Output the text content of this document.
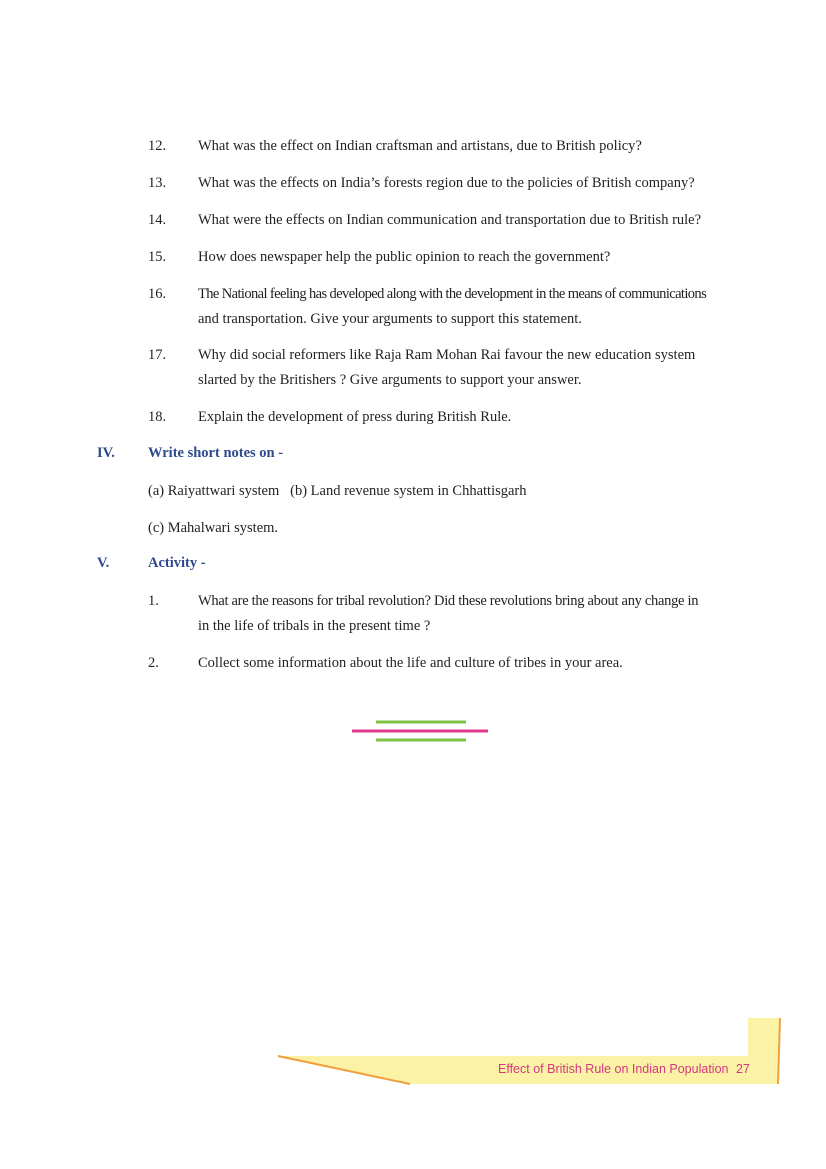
12. What was the effect on Indian craftsman and artistans, due to British policy?
13. What was the effects on India’s forests region due to the policies of British company?
14. What were the effects on Indian communication and transportation due to British rule?
15. How does newspaper help the public opinion to reach the government?
16. The National feeling has developed along with the development in the means of communications
and transportation. Give your arguments to support this statement.
17. Why did social reformers like Raja Ram Mohan Rai favour the new education system
slarted by the Britishers ? Give arguments to support your answer.
18. Explain the development of press during British Rule.
IV. Write short notes on -
(a) Raiyattwari system   (b) Land revenue system in Chhattisgarh
(c) Mahalwari system.
V.	Activity -
1.	What are the reasons for tribal revolution? Did these revolutions bring about any change in
in the life of tribals in the present time ?
2.	Collect some information about the life and culture of tribes in your area.
Effect of British Rule on Indian Population 27
